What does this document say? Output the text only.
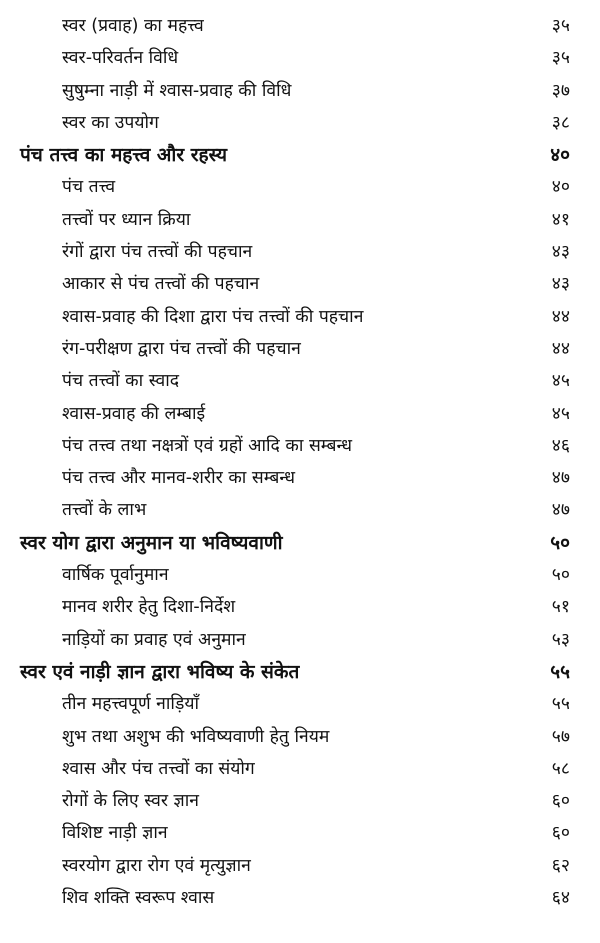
स्वर (प्रवाह) का महत्त्व	३५
स्वर-परिवर्तन विधि	३५
सुषुम्ना नाड़ी में श्वास-प्रवाह की विधि	३७
स्वर का उपयोग	३८
पंच तत्त्व का महत्त्व और रहस्य	४०
पंच तत्त्व	४०
तत्त्वों पर ध्यान क्रिया	४१
रंगों द्वारा पंच तत्त्वों की पहचान	४३
आकार से पंच तत्त्वों की पहचान	४३
श्वास-प्रवाह की दिशा द्वारा पंच तत्त्वों की पहचान	४४
रंग-परीक्षण द्वारा पंच तत्त्वों की पहचान	४४
पंच तत्त्वों का स्वाद	४५
श्वास-प्रवाह की लम्बाई	४५
पंच तत्त्व तथा नक्षत्रों एवं ग्रहों आदि का सम्बन्ध	४६
पंच तत्त्व और मानव-शरीर का सम्बन्ध	४७
तत्त्वों के लाभ	४७
स्वर योग द्वारा अनुमान या भविष्यवाणी	५०
वार्षिक पूर्वानुमान	५०
मानव शरीर हेतु दिशा-निर्देश	५१
नाड़ियों का प्रवाह एवं अनुमान	५३
स्वर एवं नाड़ी ज्ञान द्वारा भविष्य के संकेत	५५
तीन महत्त्वपूर्ण नाड़ियाँ	५५
शुभ तथा अशुभ की भविष्यवाणी हेतु नियम	५७
श्वास और पंच तत्त्वों का संयोग	५८
रोगों के लिए स्वर ज्ञान	६०
विशिष्ट नाड़ी ज्ञान	६०
स्वरयोग द्वारा रोग एवं मृत्युज्ञान	६२
शिव शक्ति स्वरूप श्वास	६४
